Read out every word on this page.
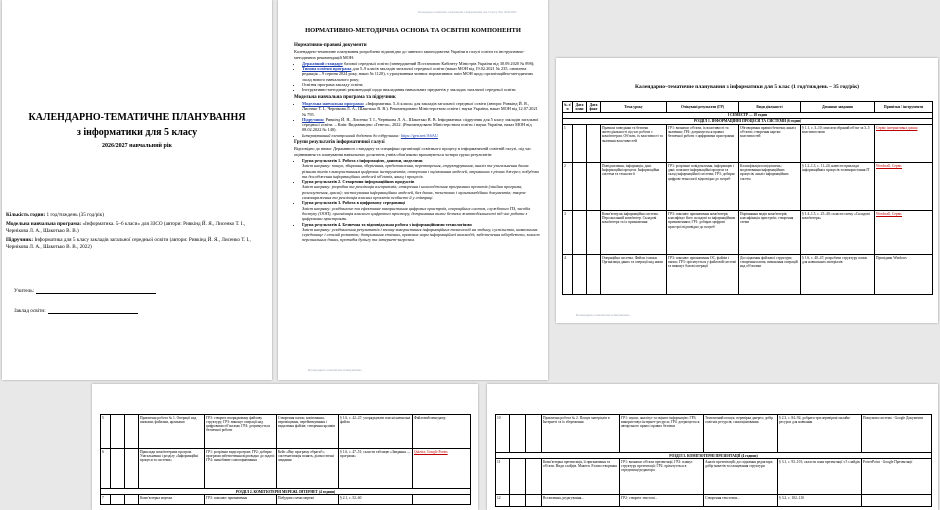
КАЛЕНДАРНО-ТЕМАТИЧНЕ ПЛАНУВАННЯ
з інформатики для 5 класу
2026/2027 навчальний рік

Кількість годин: 1 год/тиждень (35 год/рік)

Модельна навчальна програма: «Інформатика. 5–6 класи» для ЗЗСО (автори: Ривкінд Й. Я., Лисенко Т. І., Чернікова Л. А., Шакотько В. В.)

Підручник: Інформатика для 5 класу закладів загальної середньої освіти (автори: Ривкінд Й. Я., Лисенко Т. І., Чернікова Л. А., Шакотько В. В., 2022)

Учитель:
Заклад освіти:
Календарно-тематичне планування з інформатики для 5 класу. Рік: 2026/2027
НОРМАТИВНО-МЕТОДИЧНА ОСНОВА ТА ОСВІТНІ КОМПОНЕНТИ
Нормативно-правові документи

Календарно-тематичне планування розроблено відповідно до чинного законодавства України в галузі освіти та інструктивно-методичних рекомендацій МОН:

• Державний стандарт базової середньої освіти (затверджений Постановою Кабінету Міністрів України від 30.09.2020 № 898);
• Типова освітня програма для 5–9 класів закладів загальної середньої освіти (наказ МОН від 19.02.2021 № 235, оновлена редакція – 9 серпня 2024 року, наказ № 1120), з урахуванням чинних нормативних змін МОН щодо організаційно-методичних засад нового навчального року;
• Освітня програма закладу освіти;
• Інструктивно-методичні рекомендації щодо викладання навчальних предметів у закладах загальної середньої освіти.
Модельна навчальна програма та підручник
• Модельна навчальна програма: «Інформатика. 5–6 класи» для закладів загальної середньої освіти (автори: Ривкінд Й. Я., Лисенко Т. І., Чернікова Л. А., Шакотько В. В.). Рекомендовано Міністерством освіти і науки України, наказ МОН від 12.07.2021 № 795.
• Підручник: Ривкінд Й. Я., Лисенко Т. І., Чернікова Л. А., Шакотько В. В. Інформатика: підручник для 5 класу закладів загальної середньої освіти. – Київ: Видавництво «Генеза», 2022. (Рекомендовано Міністерством освіти і науки України, наказ МОН від 08.02.2022 № 140).
• Інтерактивний електронний додаток до підручника: https://gen.net/A6AU
Групи результатів інформатичної галузі

Відповідно до вимог Державного стандарту та специфіки організації освітнього процесу в інформатичній освітній галузі, під час оцінювання та планування навчальних досягнень учнів обов'язково враховуються чотири групи результатів:

• Група результатів 1. Робота з інформацією, даними, моделями
Зміст напряму: пошук, збирання, зберігання, представлення, перетворення, структурування, аналіз та узагальнення даних різними типів з використанням цифрових інструментів; створення і оцінювання моделей, отриманих з різних джерел; побудова та дослідження інформаційних моделей об'єктів, явищ і процесів.
• Група результатів 2. Створення інформаційних продуктів
Зміст напряму: розробка та реалізація алгоритмів; створення і налагодження програмних проєктів (лінійна програма, розгалуження, цикли); застосування інформаційних моделей, баз даних, текстових і мультимедійних документів; творче самовираження та реалізація власних проєктів особисто й у співпраці.
• Група результатів 3. Робота в цифровому середовищі
Зміст напряму: усвідомлене та ефективне використання цифрових пристроїв, операційних систем, службового ПЗ, засобів доступу (ООП), організація власного цифрового простору, дотримання вимог безпеки життєдіяльності під час роботи з цифровими пристроями.
• Група результатів 4. Безпечна та відповідальна робота з інформаційними технологіями
Зміст напряму: усвідомлення результатів і впливу використання інформаційних технологій на людину, суспільство, навколишнє середовище і сталий розвиток; дотримання етичних, правових норм інформаційної взаємодії; забезпечення кібербезпеки, захист персональних даних, протидія булінгу та інтернет-загрозам.
Календарно-тематичне планування...
Календарно–тематичне планування з інформатики для 5 клас (1 год/тиждень – 35 год/рік)
№ з/п	Дата план	Дата факт	Тема уроку	Очікувані результати (ГР)	Види діяльності	Домашнє завдання	Примітки / інструменти
І СЕМЕСТР — 18 годин							
РОЗДІЛ 1. ІНФОРМАЦІЙНІ ПРОЦЕСИ ТА СИСТЕМИ (6 годин)							
1			Правила поведінки та безпеки життєдіяльності під час роботи з комп'ютером. Об'єкти, їх властивості та значення властивостей	ГР1: визначає об'єкти, їх властивості та значення; ГР4: дотримується правил безпечної роботи з цифровими пристроями	Обговорення правил безпеки; аналіз об'єктів; створення картки властивостей	§ 1.1, с. 3–10; описати обраний об'єкт за 3–5 властивостями	Сервіс інтерактивна дошка
2			Повідомлення, інформація, дані. Інформаційні процеси. Інформаційна система та технології	ГР1: розрізняє повідомлення, інформацію і дані; пояснює інформаційні процеси та склад інформаційної системи; ГР3: добирає цифрові технології відповідно до потреб	Класифікація повідомлень; моделювання інформаційних процесів; аналіз інформаційних систем	§ 1.2–1.3, с. 11–24; навести приклади інформаційних процесів та використання ІТ	Wordwall, Сервіс
3			Комп'ютер як інформаційна система. Персональний комп'ютер. Складові комп'ютера та їх призначення	ГР3: пояснює призначення комп'ютера; класифікує його складові за інформаційним призначенням; ГР1: добирає цифрові пристрої відповідно до потреб	Порівняння видів комп'ютерів; класифікація пристроїв; створення схеми	§ 1.4–1.5, с. 25–40; скласти схему «Складові комп'ютера»	Wordwall, Сервіс
4			Операційна система. Файли і папки. Організація даних та операції над ними	ГР3: пояснює призначення ОС, файлів і папок; ГР3: орієнтується у файловій системі та виконує базові операції	Дослідження файлової структури; створення папок; виконання операцій над об'єктами	§ 1.6, с. 40–47; розробити структуру папок для навчальних матеріалів	Провідник Windows
Календарно-тематичне планування...
5			Практична робота № 1. Операції над папками, файлами, ярликами	ГР3: створює впорядковану файлову структуру; ГР3: виконує операції над цифровими об'єктами; ГР4: дотримується безпечної роботи	Створення папок; копіювання, переміщення, перейменування і видалення файлів; створення ярликів	§ 1.6, с. 42–47; упорядкувати власні навчальні файли	Файловий менеджер
6			Приклади комп'ютерних програм. Узагальнення і розділу «Інформаційні процеси та системи»	ГР1: розрізняє види програм; ГР2: добирає програми забезпечення відповідно до задачі; ГР4: шанобливе самооцінювання	Кейс «Яку програму обрати?»; систематизація понять; діагностичні завдання	§ 1.6, с. 47–51; скласти таблицю «Завдання — програма»	Quizizz, Google Forms
РОЗДІЛ 2. КОМП'ЮТЕРНІ МЕРЕЖІ. ІНТЕРНЕТ (4 години)							
7			Комп'ютерна мережа	ГР3: пояснює призначення	Побудова схеми мережі	§ 2.1, с. 52–60	
10			Практична робота № 2. Пошук матеріалів в Інтернеті та їх збереження	ГР1: шукає, аналізує та оцінює інформацію; ГР3: використовує інтернет-ресурси; ГР4: дотримується авторського права і правил безпеки	Тематичний пошук; перевірка джерел; добір освітніх ресурсів; самооцінювання	§ 2.3, с. 84–92; добрати три перевірені онлайн-ресурси для навчання	Пошукова система · Google Документи
РОЗДІЛ 3. КОМП'ЮТЕРНІ ПРЕЗЕНТАЦІЇ (4 години)							
11			Комп'ютерна презентація, її призначення та об'єкти. Види слайдів. Макети. Етапи створення	ГР1: визначає об'єкти презентації; ГР2: планує структуру презентації; ГР2: орієнтується в середовищі редактора	Аналіз презентацій; дослідження редактора; добір макетів та планування структури	§ 3.1, с. 93–101; скласти план презентації з 5 слайдів	PowerPoint · Google Презентації
12			Вставлення, редагування...	ГР2: створює текстові...	Створення текстових...	§ 3.2, с. 102–110	
